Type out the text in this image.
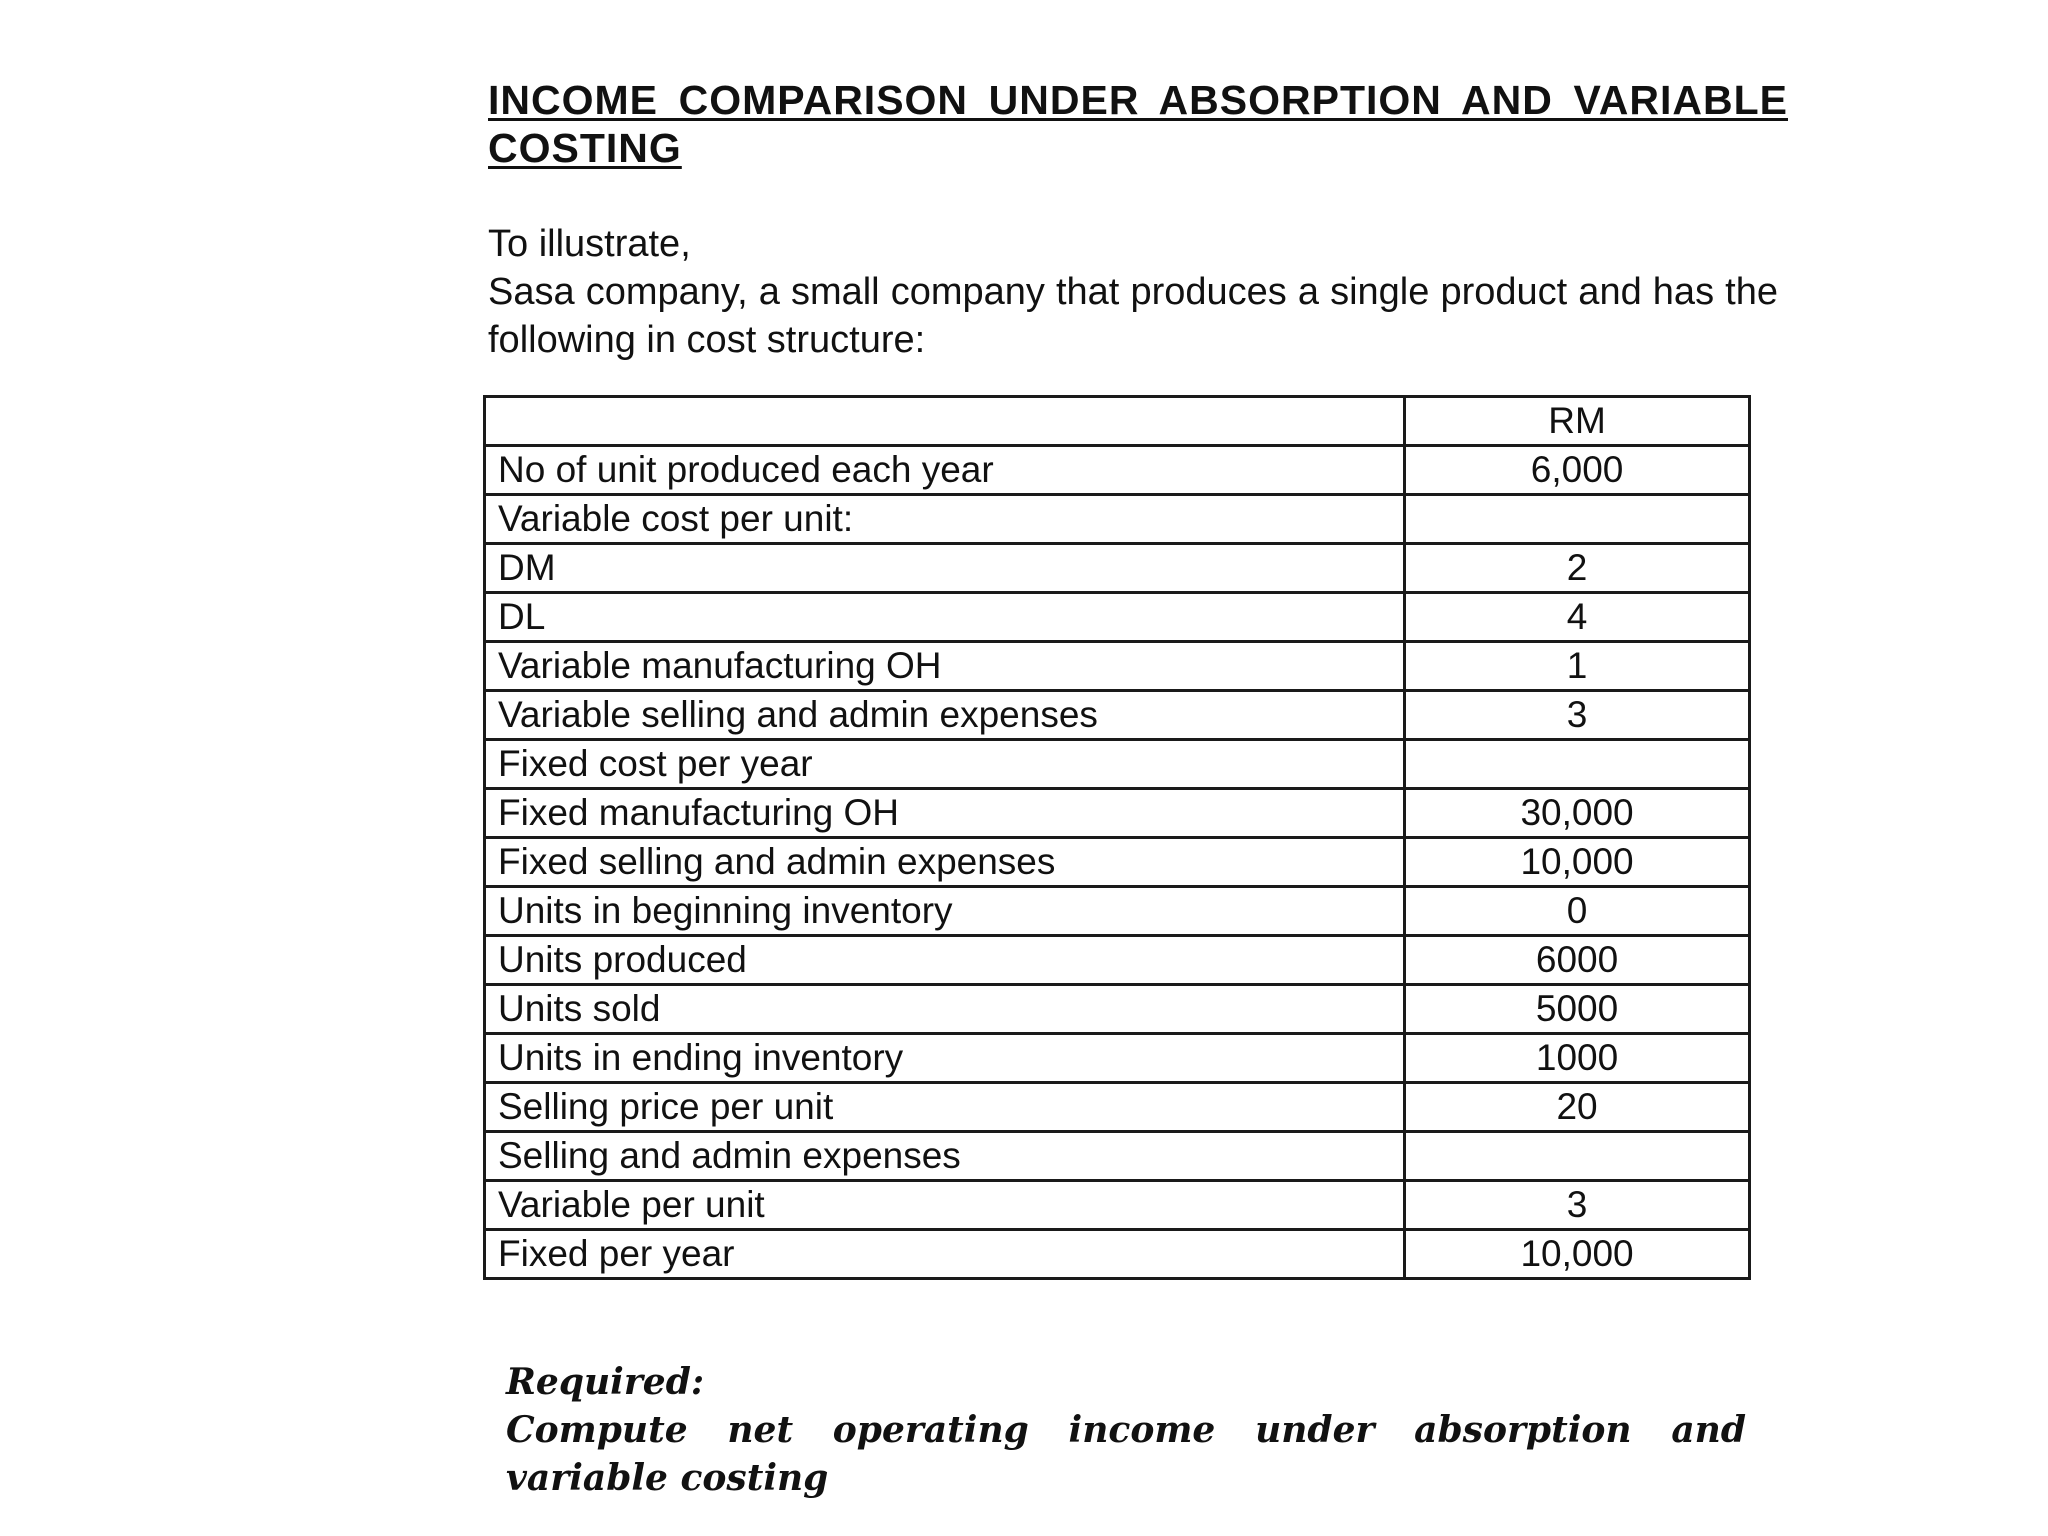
INCOME COMPARISON UNDER ABSORPTION AND VARIABLE COSTING

To illustrate,

Sasa company, a small company that produces a single product and has the following in cost structure:

	RM
No of unit produced each year	6,000
Variable cost per unit:	
DM	2
DL	4
Variable manufacturing OH	1
Variable selling and admin expenses	3
Fixed cost per year	
Fixed manufacturing OH	30,000
Fixed selling and admin expenses	10,000
Units in beginning inventory	0
Units produced	6000
Units sold	5000
Units in ending inventory	1000
Selling price per unit	20
Selling and admin expenses	
Variable per unit	3
Fixed per year	10,000

Required:

Compute net operating income under absorption and variable costing
